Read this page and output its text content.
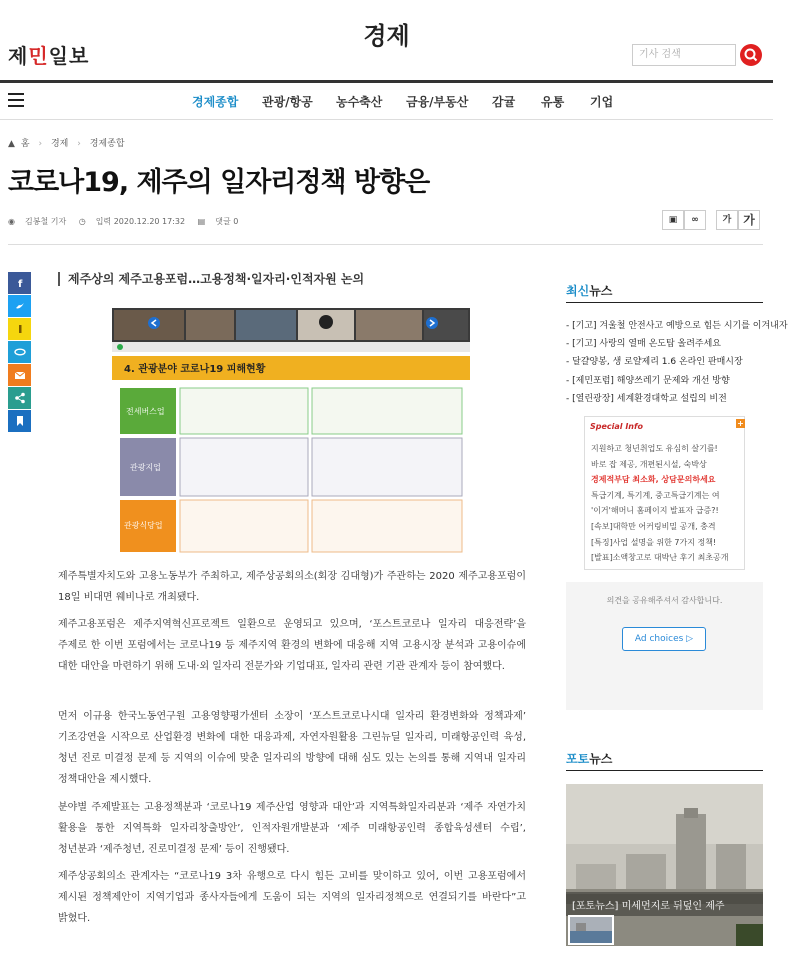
제민일보
경제
기사 검색
경제종합 관광/항공 농수축산 금융/부동산 감귤 유통 기업
▲ 홈 › 경제 › 경제종합
코로나19, 제주의 일자리정책 방향은
◉ 김봉철 기자 ◷ 입력 2020.12.20 17:32 ▤ 댓글 0	▣	∞	가 가
f	제주상의 제주고용포럼…고용정책·일자리·인적자원 논의
4. 관광분야 코로나19 피해현황
전세버스업
관광지업
관광식당업
제주특별자치도와 고용노동부가 주최하고, 제주상공회의소(회장 김대형)가 주관하는 2020 제주고용포럼이 18일 비대면 웨비나로 개최됐다.
제주고용포럼은 제주지역혁신프로젝트 일환으로 운영되고 있으며, ‘포스트코로나 일자리 대응전략’을 주제로 한 이번 포럼에서는 코로나19 등 제주지역 환경의 변화에 대응해 지역 고용시장 분석과 고용이슈에 대한 대안을 마련하기 위해 도내·외 일자리 전문가와 기업대표, 일자리 관련 기관 관계자 등이 참여했다.
먼저 이규용 한국노동연구원 고용영향평가센터 소장이 ‘포스트코로나시대 일자리 환경변화와 정책과제’ 기조강연을 시작으로 산업환경 변화에 대한 대응과제, 자연자원활용 그린뉴딜 일자리, 미래항공인력 육성, 청년 진로 미결정 문제 등 지역의 이슈에 맞춘 일자리의 방향에 대해 심도 있는 논의를 통해 지역내 일자리 정책대안을 제시했다.
분야별 주제발표는 고용정책분과 ‘코로나19 제주산업 영향과 대안’과 지역특화일자리분과 ‘제주 자연가치 활용을 통한 지역특화 일자리창출방안’, 인적자원개발분과 ‘제주 미래항공인력 종합육성센터 수립’, 청년분과 ‘제주청년, 진로미결정 문제’ 등이 진행됐다.
제주상공회의소 관계자는 “코로나19 3차 유행으로 다시 힘든 고비를 맞이하고 있어, 이번 고용포럼에서 제시된 정책제안이 지역기업과 종사자들에게 도움이 되는 지역의 일자리정책으로 연결되기를 바란다”고 밝혔다.
최신뉴스
- [기고] 겨울철 안전사고 예방으로 힘든 시기를 이겨내자
- [기고] 사랑의 열매 온도탑 올려주세요
- 달걀양봉, 생 로얄제리 1.6 온라인 판매시장
- [제민포럼] 해양쓰레기 문제와 개선 방향
- [열린광장] 세계환경대학교 설립의 비전
Special Info	+
지원하고 청년취업도 유심히 살기를!
바로 잡 제공, 개편된시설, 숙박상
경제적부담 최소화, 상담문의하세요
특급기계, 특기계, 중고특급기계는 여
'이거'해머니 홈페이지 발표자 급증?!
[속보]대학만 어커링비밀 공개, 충격
[특징]사업 설명을 위한 7가지 정책!
[발표]소액창고로 대박난 후기 최초공개
의견을 공유해주셔서 감사합니다.
Ad choices ▷
포토뉴스
[포토뉴스] 미세먼지로 뒤덮인 제주
